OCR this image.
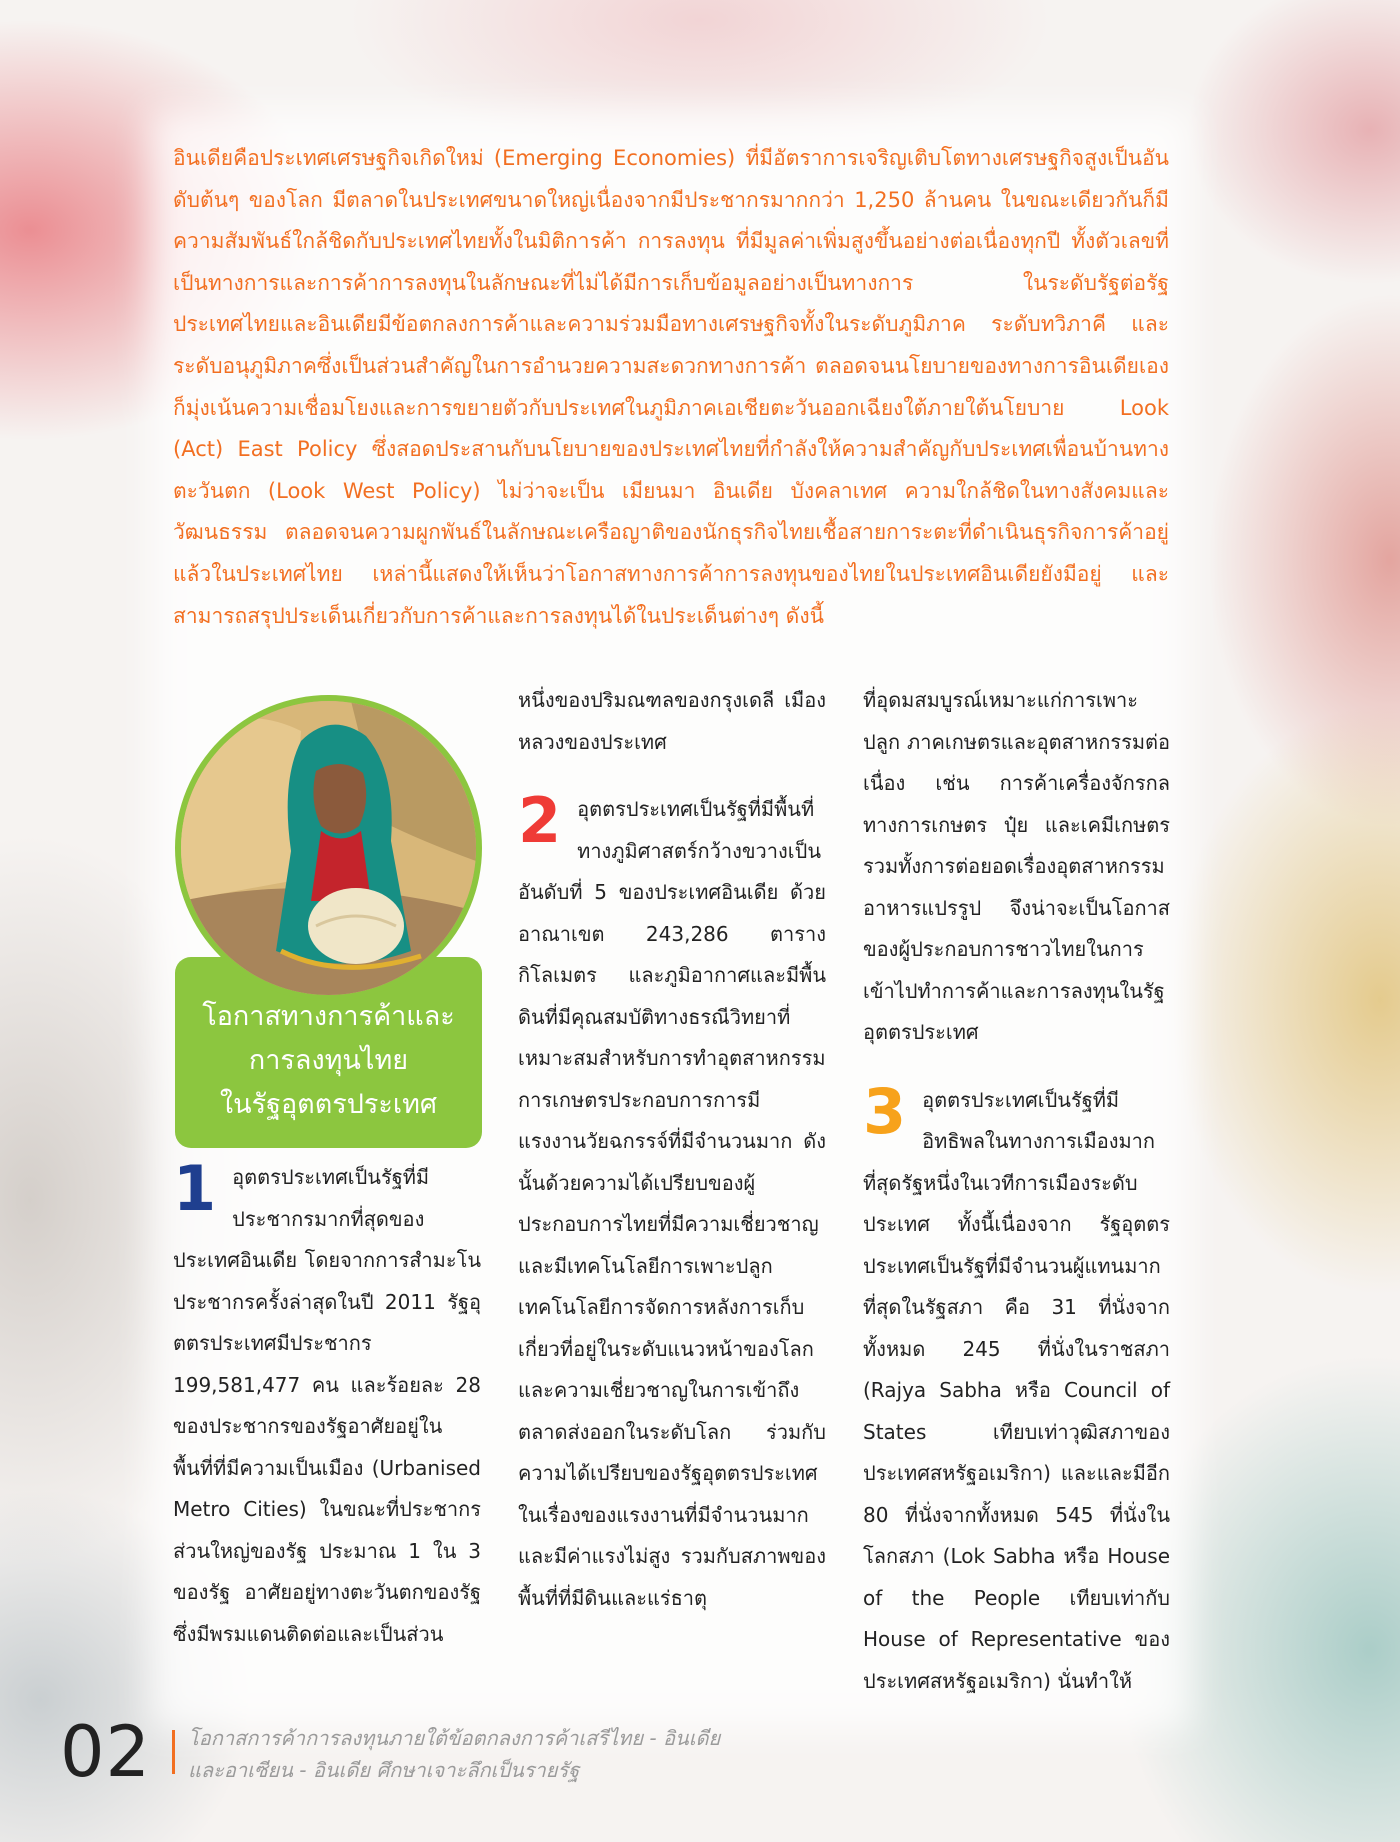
อินเดียคือประเทศเศรษฐกิจเกิดใหม่ (Emerging Economies) ที่มีอัตราการเจริญเติบโตทางเศรษฐกิจสูงเป็นอันดับต้นๆ ของโลก มีตลาดในประเทศขนาดใหญ่เนื่องจากมีประชากรมากกว่า 1,250 ล้านคน ในขณะเดียวกันก็มีความสัมพันธ์ใกล้ชิดกับประเทศไทยทั้งในมิติการค้า การลงทุน ที่มีมูลค่าเพิ่มสูงขึ้นอย่างต่อเนื่องทุกปี ทั้งตัวเลขที่เป็นทางการและการค้าการลงทุนในลักษณะที่ไม่ได้มีการเก็บข้อมูลอย่างเป็นทางการ ในระดับรัฐต่อรัฐ ประเทศไทยและอินเดียมีข้อตกลงการค้าและความร่วมมือทางเศรษฐกิจทั้งในระดับภูมิภาค ระดับทวิภาคี และระดับอนุภูมิภาคซึ่งเป็นส่วนสำคัญในการอำนวยความสะดวกทางการค้า ตลอดจนนโยบายของทางการอินเดียเองก็มุ่งเน้นความเชื่อมโยงและการขยายตัวกับประเทศในภูมิภาคเอเชียตะวันออกเฉียงใต้ภายใต้นโยบาย Look (Act) East Policy ซึ่งสอดประสานกับนโยบายของประเทศไทยที่กำลังให้ความสำคัญกับประเทศเพื่อนบ้านทางตะวันตก (Look West Policy) ไม่ว่าจะเป็น เมียนมา อินเดีย บังคลาเทศ ความใกล้ชิดในทางสังคมและวัฒนธรรม ตลอดจนความผูกพันธ์ในลักษณะเครือญาติของนักธุรกิจไทยเชื้อสายการะตะที่ดำเนินธุรกิจการค้าอยู่แล้วในประเทศไทย เหล่านี้แสดงให้เห็นว่าโอกาสทางการค้าการลงทุนของไทยในประเทศอินเดียยังมีอยู่ และสามารถสรุปประเด็นเกี่ยวกับการค้าและการลงทุนได้ในประเด็นต่างๆ ดังนี้
โอกาสทางการค้าและ
การลงทุนไทย
ในรัฐอุตตรประเทศ

1 อุตตรประเทศเป็นรัฐที่มีประชากรมากที่สุดของประเทศอินเดีย โดยจากการสำมะโนประชากรครั้งล่าสุดในปี 2011 รัฐอุตตรประเทศมีประชากร 199,581,477 คน และร้อยละ 28 ของประชากรของรัฐอาศัยอยู่ในพื้นที่ที่มีความเป็นเมือง (Urbanised Metro Cities) ในขณะที่ประชากรส่วนใหญ่ของรัฐ ประมาณ 1 ใน 3 ของรัฐ อาศัยอยู่ทางตะวันตกของรัฐซึ่งมีพรมแดนติดต่อและเป็นส่วน

หนึ่งของปริมณฑลของกรุงเดลี เมืองหลวงของประเทศ

2 อุตตรประเทศเป็นรัฐที่มีพื้นที่ทางภูมิศาสตร์กว้างขวางเป็นอันดับที่ 5 ของประเทศอินเดีย ด้วยอาณาเขต 243,286 ตารางกิโลเมตร และภูมิอากาศและมีพื้นดินที่มีคุณสมบัติทางธรณีวิทยาที่เหมาะสมสำหรับการทำอุตสาหกรรมการเกษตรประกอบการการมีแรงงานวัยฉกรรจ์ที่มีจำนวนมาก ดังนั้นด้วยความได้เปรียบของผู้ประกอบการไทยที่มีความเชี่ยวชาญและมีเทคโนโลยีการเพาะปลูก เทคโนโลยีการจัดการหลังการเก็บเกี่ยวที่อยู่ในระดับแนวหน้าของโลก และความเชี่ยวชาญในการเข้าถึงตลาดส่งออกในระดับโลก ร่วมกับความได้เปรียบของรัฐอุตตรประเทศในเรื่องของแรงงานที่มีจำนวนมากและมีค่าแรงไม่สูง รวมกับสภาพของพื้นที่ที่มีดินและแร่ธาตุ

ที่อุดมสมบูรณ์เหมาะแก่การเพาะปลูก ภาคเกษตรและอุตสาหกรรมต่อเนื่อง เช่น การค้าเครื่องจักรกลทางการเกษตร ปุ๋ย และเคมีเกษตร รวมทั้งการต่อยอดเรื่องอุตสาหกรรมอาหารแปรรูป จึงน่าจะเป็นโอกาสของผู้ประกอบการชาวไทยในการเข้าไปทำการค้าและการลงทุนในรัฐอุตตรประเทศ

3 อุตตรประเทศเป็นรัฐที่มีอิทธิพลในทางการเมืองมากที่สุดรัฐหนึ่งในเวทีการเมืองระดับประเทศ ทั้งนี้เนื่องจาก รัฐอุตตรประเทศเป็นรัฐที่มีจำนวนผู้แทนมากที่สุดในรัฐสภา คือ 31 ที่นั่งจากทั้งหมด 245 ที่นั่งในราชสภา (Rajya Sabha หรือ Council of States เทียบเท่าวุฒิสภาของประเทศสหรัฐอเมริกา) และและมีอีก 80 ที่นั่งจากทั้งหมด 545 ที่นั่งในโลกสภา (Lok Sabha หรือ House of the People เทียบเท่ากับ House of Representative ของประเทศสหรัฐอเมริกา) นั่นทำให้

02 โอกาสการค้าการลงทุนภายใต้ข้อตกลงการค้าเสรีไทย - อินเดีย
และอาเซียน - อินเดีย ศึกษาเจาะลึกเป็นรายรัฐ
